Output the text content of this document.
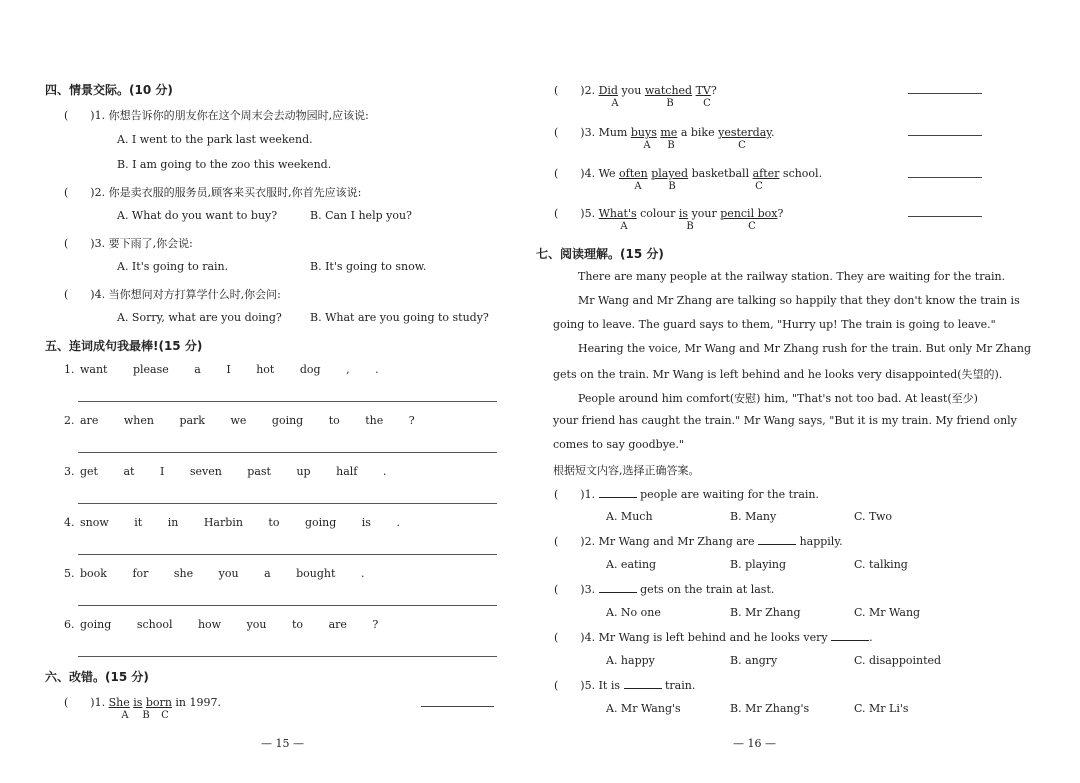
四、情景交际。(10 分)
(　　)1. 你想告诉你的朋友你在这个周末会去动物园时,应该说:
A. I went to the park last weekend.
B. I am going to the zoo this weekend.
(　　)2. 你是卖衣服的服务员,顾客来买衣服时,你首先应该说:
A. What do you want to buy?	B. Can I help you?
(　　)3. 要下雨了,你会说:
A. It's going to rain.	B. It's going to snow.
(　　)4. 当你想问对方打算学什么时,你会问:
A. Sorry, what are you doing?	B. What are you going to study?
五、连词成句我最棒!(15 分)
1. want please a I hot dog , .
2. are when park we going to the ?
3. get at I seven past up half .
4. snow it in Harbin to going is .
5. book for she you a bought .
6. going school how you to are ?
六、改错。(15 分)
(　　)1. She is born in 1997.
A B C
— 15 —
(　　)2. Did you watched TV?
A	B	C
(　　)3. Mum buys me a bike yesterday.
A B	C
(　　)4. We often played basketball after school.
A	B	C
(　　)5. What's colour is your pencil box?
A	B	C
七、阅读理解。(15 分)
There are many people at the railway station. They are waiting for the train.
Mr Wang and Mr Zhang are talking so happily that they don't know the train is
going to leave. The guard says to them, "Hurry up! The train is going to leave."
Hearing the voice, Mr Wang and Mr Zhang rush for the train. But only Mr Zhang
gets on the train. Mr Wang is left behind and he looks very disappointed(失望的).
People around him comfort(安慰) him, "That's not too bad. At least(至少)
your friend has caught the train." Mr Wang says, "But it is my train. My friend only
comes to say goodbye."
根据短文内容,选择正确答案。
(　　)1.	people are waiting for the train.
A. Much	B. Many	C. Two
(　　)2. Mr Wang and Mr Zhang are	happily.
A. eating	B. playing	C. talking
(　　)3.	gets on the train at last.
A. No one	B. Mr Zhang	C. Mr Wang
(　　)4. Mr Wang is left behind and he looks very	.
A. happy	B. angry	C. disappointed
(　　)5. It is	train.
A. Mr Wang's	B. Mr Zhang's	C. Mr Li's
— 16 —
